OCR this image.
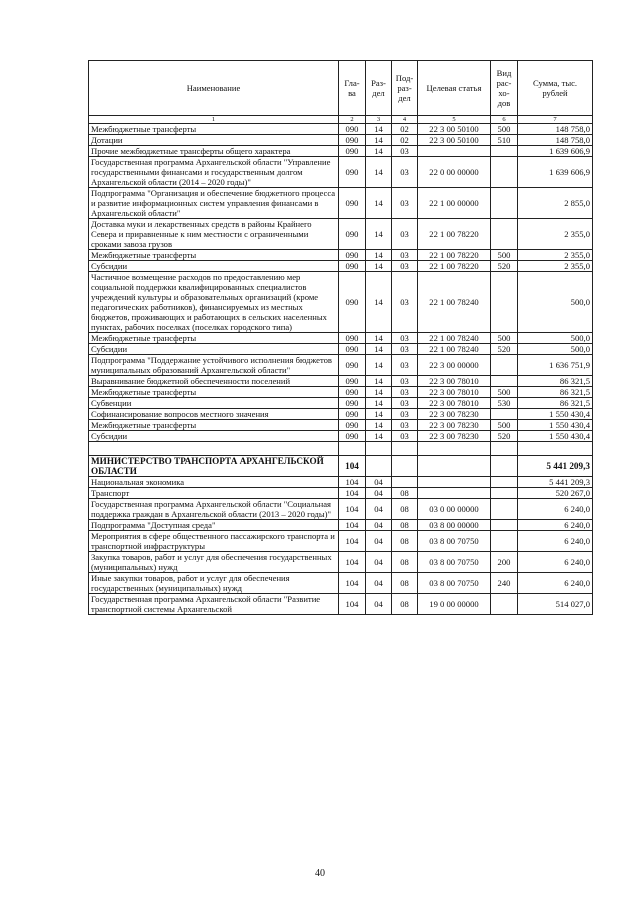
Наименование	Гла- ва	Раз- дел	Под- раз- дел	Целевая статья	Вид рас- хо- дов	Сумма, тыс. рублей
1	2	3	4	5	6	7
Межбюджетные трансферты	090	14	02	22 3 00 50100	500	148 758,0
Дотации	090	14	02	22 3 00 50100	510	148 758,0
Прочие межбюджетные трансферты общего характера	090	14	03			1 639 606,9
Государственная программа Архангельской области "Управление государственными финансами и государственным долгом Архангельской области (2014 – 2020 годы)"	090	14	03	22 0 00 00000		1 639 606,9
Подпрограмма "Организация и обеспечение бюджетного процесса и развитие информационных систем управления финансами в Архангельской области"	090	14	03	22 1 00 00000		2 855,0
Доставка муки и лекарственных средств в районы Крайнего Севера и приравненные к ним местности с ограниченными сроками завоза грузов	090	14	03	22 1 00 78220		2 355,0
Межбюджетные трансферты	090	14	03	22 1 00 78220	500	2 355,0
Субсидии	090	14	03	22 1 00 78220	520	2 355,0
Частичное возмещение расходов по предоставлению мер социальной поддержки квалифицированных специалистов учреждений культуры и образовательных организаций (кроме педагогических работников), финансируемых из местных бюджетов, проживающих и работающих в сельских населенных пунктах, рабочих поселках (поселках городского типа)	090	14	03	22 1 00 78240		500,0
Межбюджетные трансферты	090	14	03	22 1 00 78240	500	500,0
Субсидии	090	14	03	22 1 00 78240	520	500,0
Подпрограмма "Поддержание устойчивого исполнения бюджетов муниципальных образований Архангельской области"	090	14	03	22 3 00 00000		1 636 751,9
Выравнивание бюджетной обеспеченности поселений	090	14	03	22 3 00 78010		86 321,5
Межбюджетные трансферты	090	14	03	22 3 00 78010	500	86 321,5
Субвенции	090	14	03	22 3 00 78010	530	86 321,5
Софинансирование вопросов местного значения	090	14	03	22 3 00 78230		1 550 430,4
Межбюджетные трансферты	090	14	03	22 3 00 78230	500	1 550 430,4
Субсидии	090	14	03	22 3 00 78230	520	1 550 430,4

МИНИСТЕРСТВО ТРАНСПОРТА АРХАНГЕЛЬСКОЙ ОБЛАСТИ	104					5 441 209,3
Национальная экономика	104	04				5 441 209,3
Транспорт	104	04	08			520 267,0
Государственная программа Архангельской области "Социальная поддержка граждан в Архангельской области (2013 – 2020 годы)"	104	04	08	03 0 00 00000		6 240,0
Подпрограмма "Доступная среда"	104	04	08	03 8 00 00000		6 240,0
Мероприятия в сфере общественного пассажирского транспорта и транспортной инфраструктуры	104	04	08	03 8 00 70750		6 240,0
Закупка товаров, работ и услуг для обеспечения государственных (муниципальных) нужд	104	04	08	03 8 00 70750	200	6 240,0
Иные закупки товаров, работ и услуг для обеспечения государственных (муниципальных) нужд	104	04	08	03 8 00 70750	240	6 240,0
Государственная программа Архангельской области "Развитие транспортной системы Архангельской	104	04	08	19 0 00 00000		514 027,0
40
